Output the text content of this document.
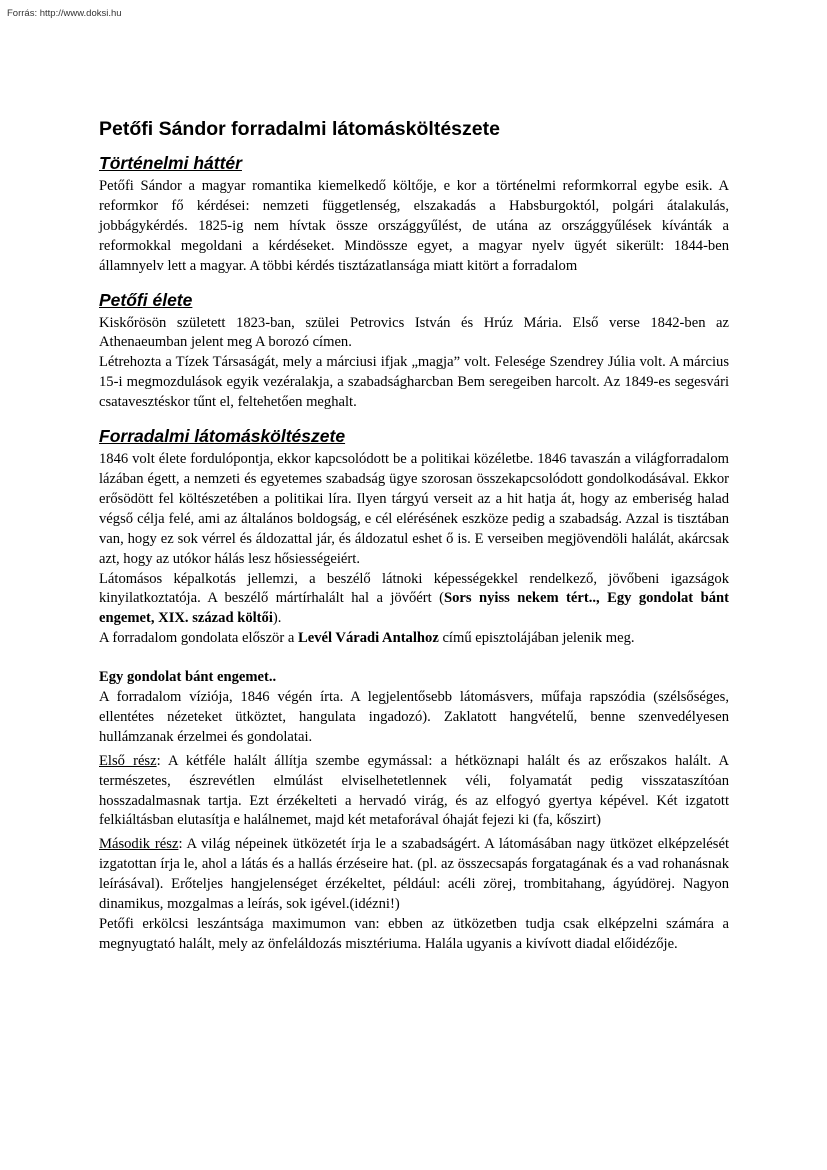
Forrás: http://www.doksi.hu
Petőfi Sándor forradalmi látomásköltészete
Történelmi háttér

Petőfi Sándor a magyar romantika kiemelkedő költője, e kor a történelmi reformkorral egybe esik. A reformkor fő kérdései: nemzeti függetlenség, elszakadás a Habsburgoktól, polgári átalakulás, jobbágykérdés. 1825-ig nem hívtak össze országgyűlést, de utána az országgyűlések kívánták a reformokkal megoldani a kérdéseket. Mindössze egyet, a magyar nyelv ügyét sikerült: 1844-ben államnyelv lett a magyar. A többi kérdés tisztázatlansága miatt kitört a forradalom

Petőfi élete

Kiskőrösön született 1823-ban, szülei Petrovics István és Hrúz Mária. Első verse 1842-ben az Athenaeumban jelent meg A borozó címen.

Létrehozta a Tízek Társaságát, mely a márciusi ifjak „magja” volt. Felesége Szendrey Júlia volt. A március 15-i megmozdulások egyik vezéralakja, a szabadságharcban Bem seregeiben harcolt. Az 1849-es segesvári csatavesztéskor tűnt el, feltehetően meghalt.

Forradalmi látomásköltészete

1846 volt élete fordulópontja, ekkor kapcsolódott be a politikai közéletbe. 1846 tavaszán a világforradalom lázában égett, a nemzeti és egyetemes szabadság ügye szorosan összekapcsolódott gondolkodásával. Ekkor erősödött fel költészetében a politikai líra. Ilyen tárgyú verseit az a hit hatja át, hogy az emberiség halad végső célja felé, ami az általános boldogság, e cél elérésének eszköze pedig a szabadság. Azzal is tisztában van, hogy ez sok vérrel és áldozattal jár, és áldozatul eshet ő is. E verseiben megjövendöli halálát, akárcsak azt, hogy az utókor hálás lesz hősiességeiért.

Látomásos képalkotás jellemzi, a beszélő látnoki képességekkel rendelkező, jövőbeni igazságok kinyilatkoztatója. A beszélő mártírhalált hal a jövőért (Sors nyiss nekem tért.., Egy gondolat bánt engemet, XIX. század költői).

A forradalom gondolata először a Levél Váradi Antalhoz című episztolájában jelenik meg.

Egy gondolat bánt engemet..

A forradalom víziója, 1846 végén írta. A legjelentősebb látomásvers, műfaja rapszódia (szélsőséges, ellentétes nézeteket ütköztet, hangulata ingadozó). Zaklatott hangvételű, benne szenvedélyesen hullámzanak érzelmei és gondolatai.

Első rész: A kétféle halált állítja szembe egymással: a hétköznapi halált és az erőszakos halált. A természetes, észrevétlen elmúlást elviselhetetlennek véli, folyamatát pedig visszataszítóan hosszadalmasnak tartja. Ezt érzékelteti a hervadó virág, és az elfogyó gyertya képével. Két izgatott felkiáltásban elutasítja e halálnemet, majd két metaforával óhaját fejezi ki (fa, kőszirt)

Második rész: A világ népeinek ütközetét írja le a szabadságért. A látomásában nagy ütközet elképzelését izgatottan írja le, ahol a látás és a hallás érzéseire hat. (pl. az összecsapás forgatagának és a vad rohanásnak leírásával). Erőteljes hangjelenséget érzékeltet, például: acéli zörej, trombitahang, ágyúdörej. Nagyon dinamikus, mozgalmas a leírás, sok igével.(idézni!)

Petőfi erkölcsi leszántsága maximumon van: ebben az ütközetben tudja csak elképzelni számára a megnyugtató halált, mely az önfeláldozás misztériuma. Halála ugyanis a kivívott diadal előidézője.
